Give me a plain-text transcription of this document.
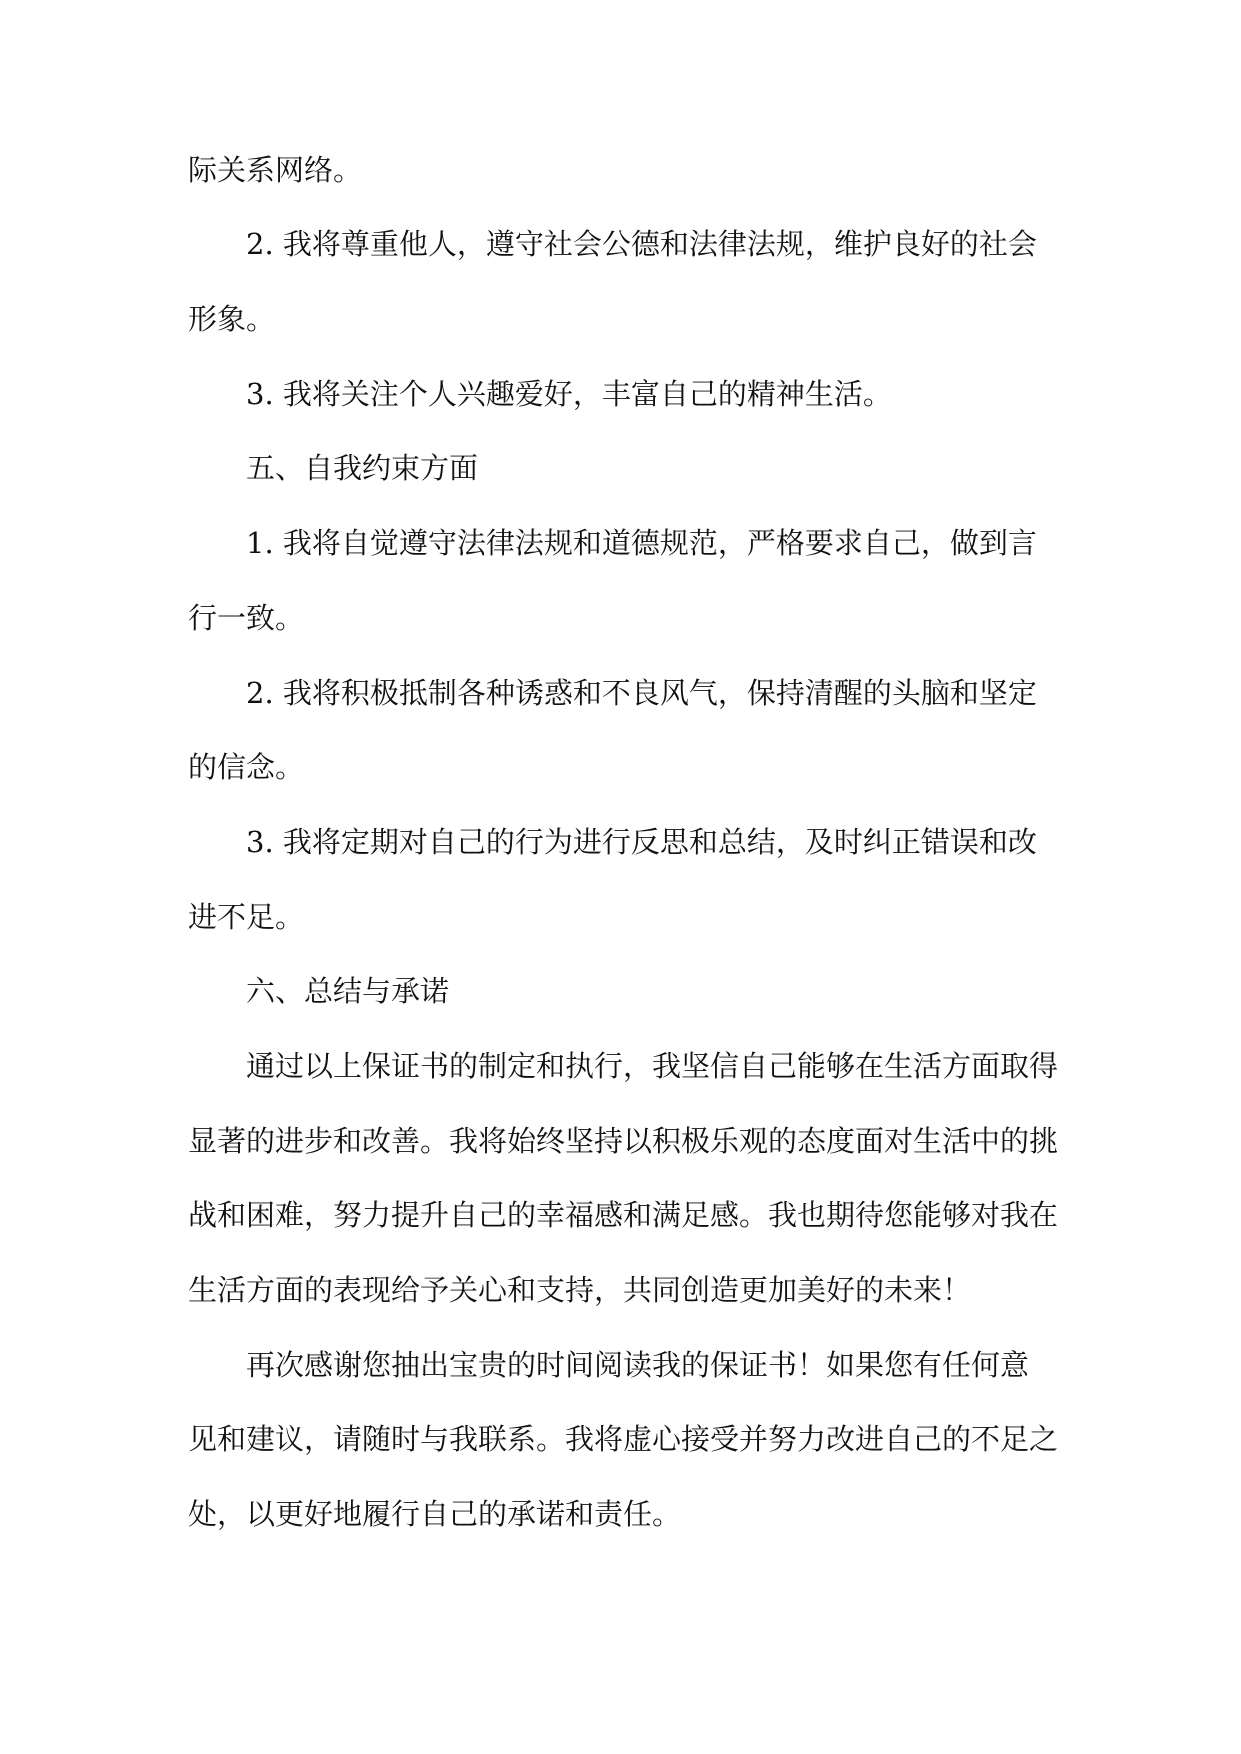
际关系网络。

2. 我将尊重他人，遵守社会公德和法律法规，维护良好的社会

形象。

3. 我将关注个人兴趣爱好，丰富自己的精神生活。

五、自我约束方面

1. 我将自觉遵守法律法规和道德规范，严格要求自己，做到言

行一致。

2. 我将积极抵制各种诱惑和不良风气，保持清醒的头脑和坚定

的信念。

3. 我将定期对自己的行为进行反思和总结，及时纠正错误和改

进不足。

六、总结与承诺

通过以上保证书的制定和执行，我坚信自己能够在生活方面取得

显著的进步和改善。我将始终坚持以积极乐观的态度面对生活中的挑

战和困难，努力提升自己的幸福感和满足感。我也期待您能够对我在

生活方面的表现给予关心和支持，共同创造更加美好的未来！

再次感谢您抽出宝贵的时间阅读我的保证书！如果您有任何意

见和建议，请随时与我联系。我将虚心接受并努力改进自己的不足之

处，以更好地履行自己的承诺和责任。
